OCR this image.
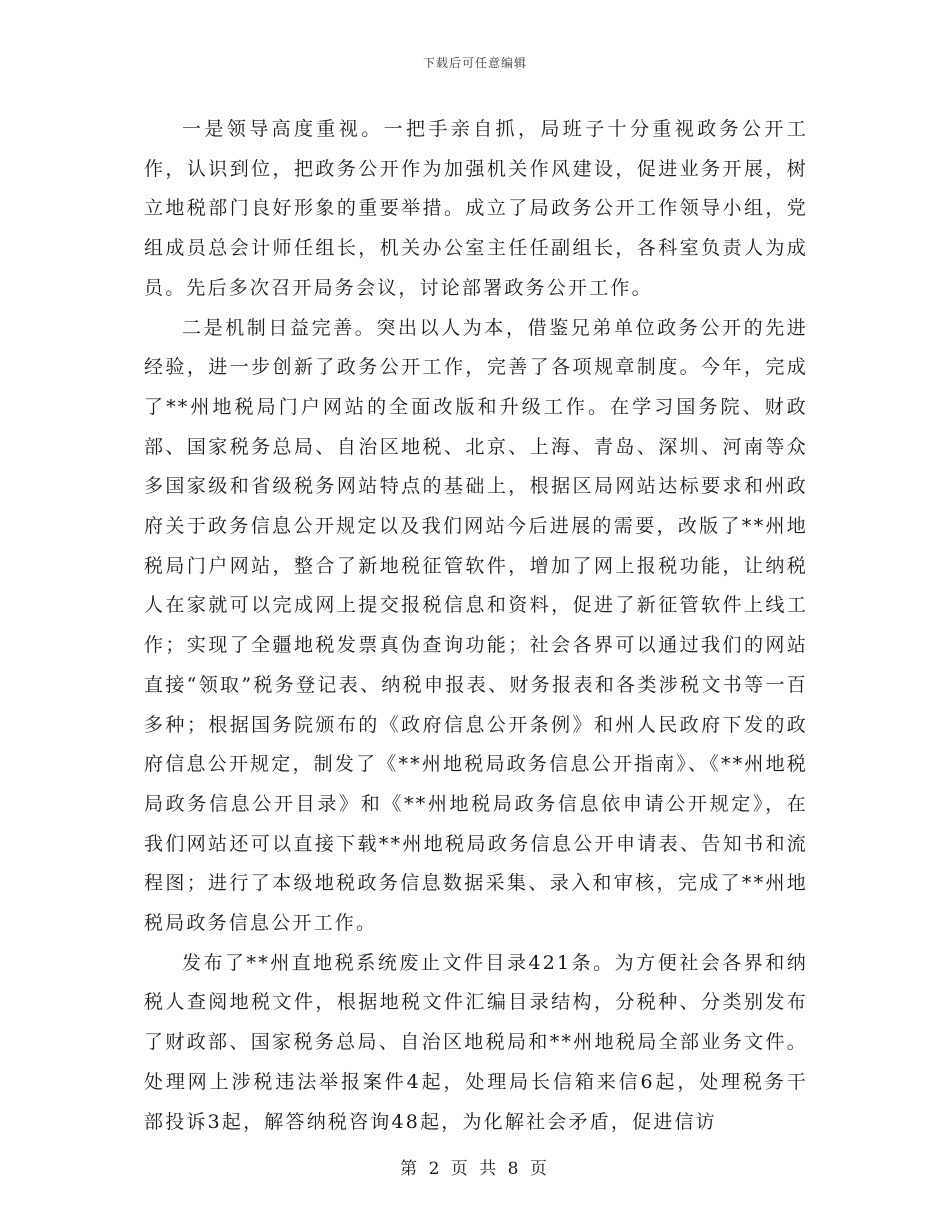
下载后可任意编辑

一是领导高度重视。一把手亲自抓，局班子十分重视政务公开工作，认识到位，把政务公开作为加强机关作风建设，促进业务开展，树立地税部门良好形象的重要举措。成立了局政务公开工作领导小组，党组成员总会计师任组长，机关办公室主任任副组长，各科室负责人为成员。先后多次召开局务会议，讨论部署政务公开工作。

二是机制日益完善。突出以人为本，借鉴兄弟单位政务公开的先进经验，进一步创新了政务公开工作，完善了各项规章制度。今年，完成了**州地税局门户网站的全面改版和升级工作。在学习国务院、财政部、国家税务总局、自治区地税、北京、上海、青岛、深圳、河南等众多国家级和省级税务网站特点的基础上，根据区局网站达标要求和州政府关于政务信息公开规定以及我们网站今后进展的需要，改版了**州地税局门户网站，整合了新地税征管软件，增加了网上报税功能，让纳税人在家就可以完成网上提交报税信息和资料，促进了新征管软件上线工作；实现了全疆地税发票真伪查询功能；社会各界可以通过我们的网站直接“领取”税务登记表、纳税申报表、财务报表和各类涉税文书等一百多种；根据国务院颁布的《政府信息公开条例》和州人民政府下发的政府信息公开规定，制发了《**州地税局政务信息公开指南》、《**州地税局政务信息公开目录》和《**州地税局政务信息依申请公开规定》，在我们网站还可以直接下载**州地税局政务信息公开申请表、告知书和流程图；进行了本级地税政务信息数据采集、录入和审核，完成了**州地税局政务信息公开工作。

发布了**州直地税系统废止文件目录421条。为方便社会各界和纳税人查阅地税文件，根据地税文件汇编目录结构，分税种、分类别发布了财政部、国家税务总局、自治区地税局和**州地税局全部业务文件。处理网上涉税违法举报案件4起，处理局长信箱来信6起，处理税务干部投诉3起，解答纳税咨询48起，为化解社会矛盾，促进信访

第 2 页 共 8 页
